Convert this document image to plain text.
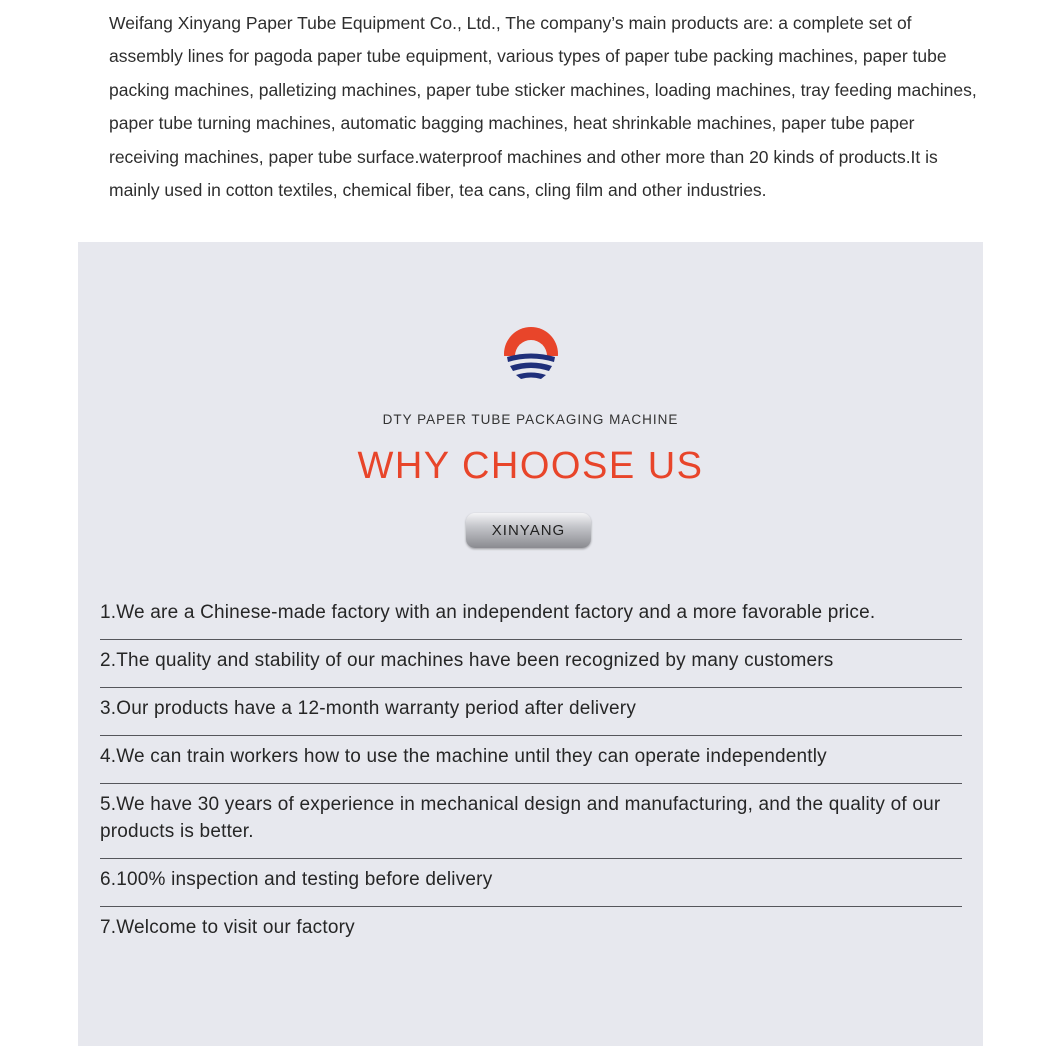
Weifang Xinyang Paper Tube Equipment Co., Ltd., The company’s main products are: a complete set of assembly lines for pagoda paper tube equipment, various types of paper tube packing machines, paper tube packing machines, palletizing machines, paper tube sticker machines, loading machines, tray feeding machines, paper tube turning machines, automatic bagging machines, heat shrinkable machines, paper tube paper receiving machines, paper tube surface.waterproof machines and other more than 20 kinds of products.It is mainly used in cotton textiles, chemical fiber, tea cans, cling film and other industries.

DTY PAPER TUBE PACKAGING MACHINE
WHY CHOOSE US
XINYANG
1.We are a Chinese-made factory with an independent factory and a more favorable price.
2.The quality and stability of our machines have been recognized by many customers
3.Our products have a 12-month warranty period after delivery
4.We can train workers how to use the machine until they can operate independently
5.We have 30 years of experience in mechanical design and manufacturing, and the quality of our products is better.
6.100% inspection and testing before delivery
7.Welcome to visit our factory
